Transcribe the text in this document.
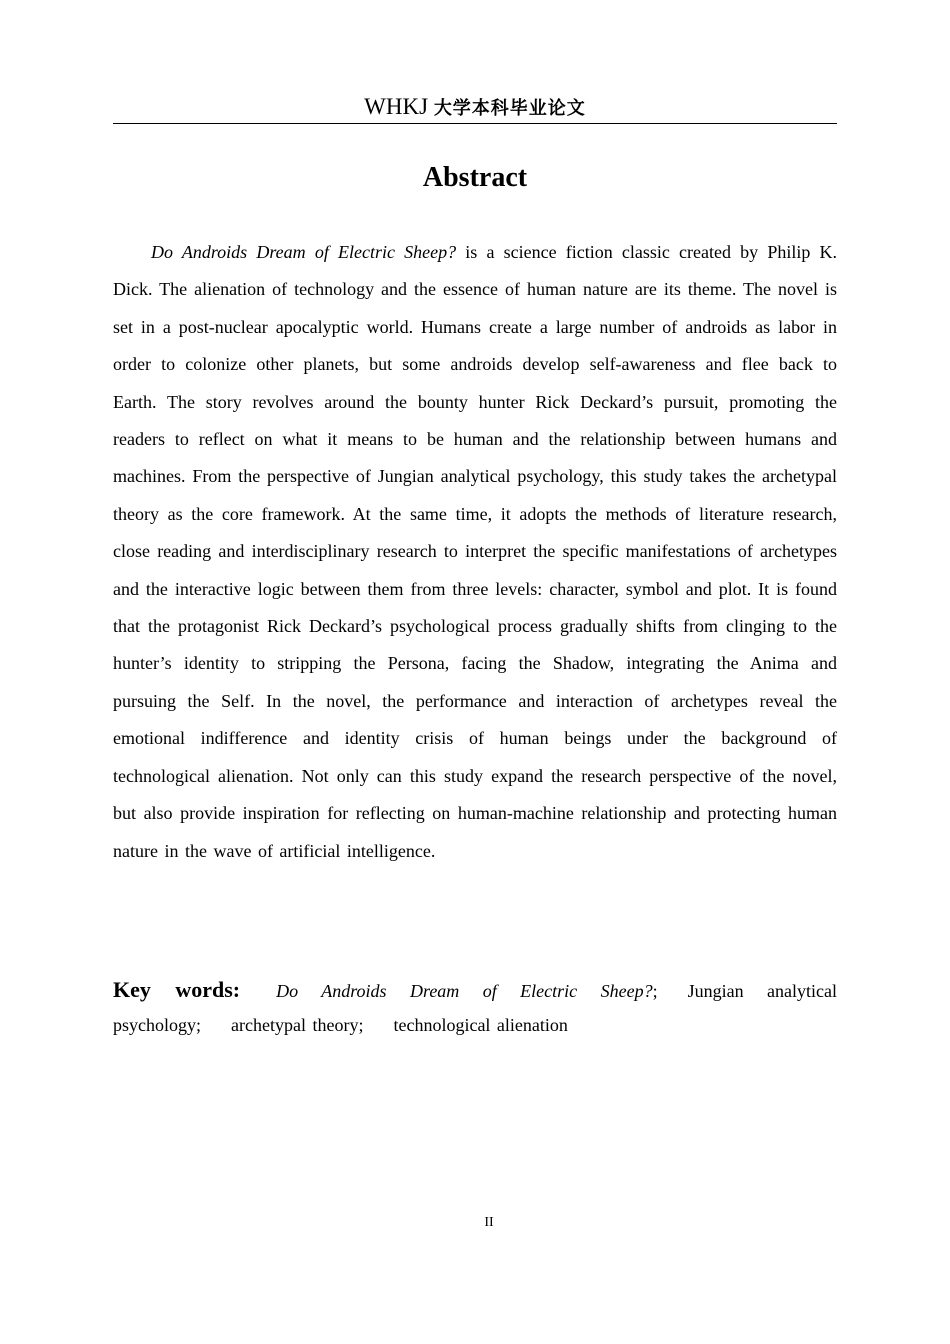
WHKJ 大学本科毕业论文
Abstract

Do Androids Dream of Electric Sheep? is a science fiction classic created by Philip K. Dick. The alienation of technology and the essence of human nature are its theme. The novel is set in a post-nuclear apocalyptic world. Humans create a large number of androids as labor in order to colonize other planets, but some androids develop self-awareness and flee back to Earth. The story revolves around the bounty hunter Rick Deckard’s pursuit, promoting the readers to reflect on what it means to be human and the relationship between humans and machines. From the perspective of Jungian analytical psychology, this study takes the archetypal theory as the core framework. At the same time, it adopts the methods of literature research, close reading and interdisciplinary research to interpret the specific manifestations of archetypes and the interactive logic between them from three levels: character, symbol and plot. It is found that the protagonist Rick Deckard’s psychological process gradually shifts from clinging to the hunter’s identity to stripping the Persona, facing the Shadow, integrating the Anima and pursuing the Self. In the novel, the performance and interaction of archetypes reveal the emotional indifference and identity crisis of human beings under the background of technological alienation. Not only can this study expand the research perspective of the novel, but also provide inspiration for reflecting on human-machine relationship and protecting human nature in the wave of artificial intelligence.

Key words: Do Androids Dream of Electric Sheep?; Jungian analytical psychology; archetypal theory; technological alienation

II
